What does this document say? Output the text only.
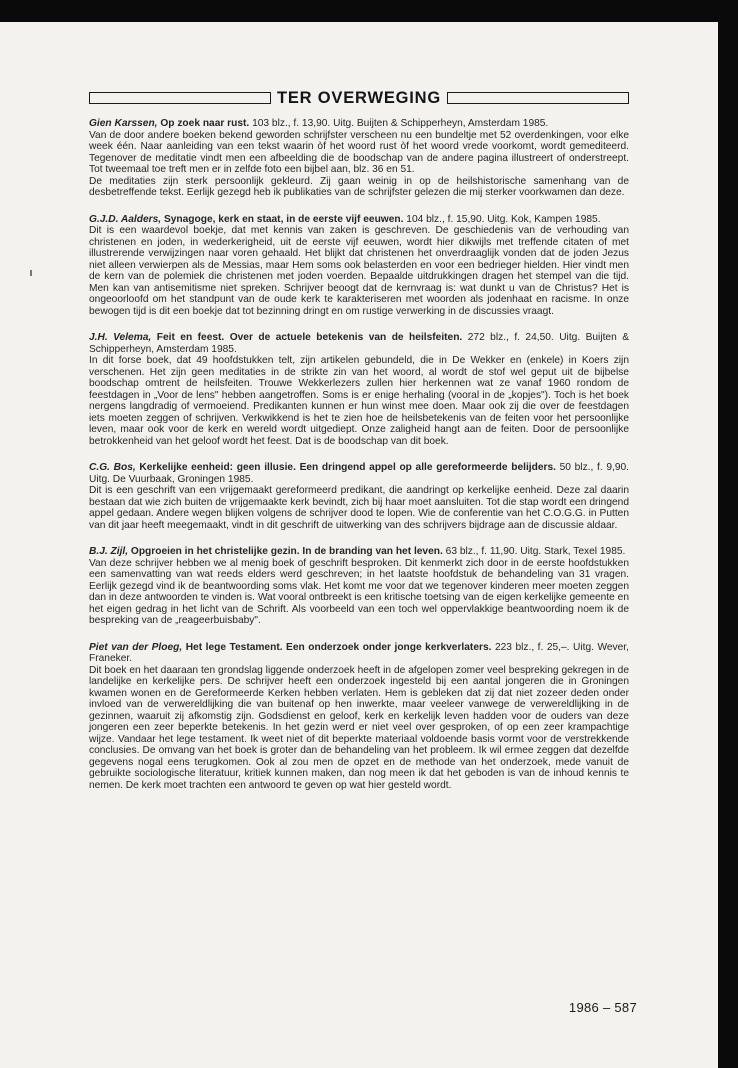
TER OVERWEGING

Gien Karssen, Op zoek naar rust. 103 blz., f. 13,90. Uitg. Buijten & Schipperheyn, Amsterdam 1985.

Van de door andere boeken bekend geworden schrijfster verscheen nu een bundeltje met 52 overdenkingen, voor elke week één. Naar aanleiding van een tekst waarin òf het woord rust òf het woord vrede voorkomt, wordt gemediteerd. Tegenover de meditatie vindt men een afbeelding die de boodschap van de andere pagina illustreert of onderstreept. Tot tweemaal toe treft men er in zelfde foto een bijbel aan, blz. 36 en 51.

De meditaties zijn sterk persoonlijk gekleurd. Zij gaan weinig in op de heilshistorische samenhang van de desbetreffende tekst. Eerlijk gezegd heb ik publikaties van de schrijfster gelezen die mij sterker voorkwamen dan deze.

G.J.D. Aalders, Synagoge, kerk en staat, in de eerste vijf eeuwen. 104 blz., f. 15,90. Uitg. Kok, Kampen 1985.

Dit is een waardevol boekje, dat met kennis van zaken is geschreven. De geschiedenis van de verhouding van christenen en joden, in wederkerigheid, uit de eerste vijf eeuwen, wordt hier dikwijls met treffende citaten of met illustrerende verwijzingen naar voren gehaald. Het blijkt dat christenen het onverdraaglijk vonden dat de joden Jezus niet alleen verwierpen als de Messias, maar Hem soms ook belasterden en voor een bedrieger hielden. Hier vindt men de kern van de polemiek die christenen met joden voerden. Bepaalde uitdrukkingen dragen het stempel van die tijd. Men kan van antisemitisme niet spreken. Schrijver beoogt dat de kernvraag is: wat dunkt u van de Christus? Het is ongeoorloofd om het standpunt van de oude kerk te karakteriseren met woorden als jodenhaat en racisme. In onze bewogen tijd is dit een boekje dat tot bezinning dringt en om rustige verwerking in de discussies vraagt.

J.H. Velema, Feit en feest. Over de actuele betekenis van de heilsfeiten. 272 blz., f. 24,50. Uitg. Buijten & Schipperheyn, Amsterdam 1985.

In dit forse boek, dat 49 hoofdstukken telt, zijn artikelen gebundeld, die in De Wekker en (enkele) in Koers zijn verschenen. Het zijn geen meditaties in de strikte zin van het woord, al wordt de stof wel geput uit de bijbelse boodschap omtrent de heilsfeiten. Trouwe Wekkerlezers zullen hier herkennen wat ze vanaf 1960 rondom de feestdagen in „Voor de lens" hebben aangetroffen. Soms is er enige herhaling (vooral in de „kopjes"). Toch is het boek nergens langdradig of vermoeiend. Predikanten kunnen er hun winst mee doen. Maar ook zij die over de feestdagen iets moeten zeggen of schrijven. Verkwikkend is het te zien hoe de heilsbetekenis van de feiten voor het persoonlijke leven, maar ook voor de kerk en wereld wordt uitgediept. Onze zaligheid hangt aan de feiten. Door de persoonlijke betrokkenheid van het geloof wordt het feest. Dat is de boodschap van dit boek.

C.G. Bos, Kerkelijke eenheid: geen illusie. Een dringend appel op alle gereformeerde belijders. 50 blz., f. 9,90. Uitg. De Vuurbaak, Groningen 1985.

Dit is een geschrift van een vrijgemaakt gereformeerd predikant, die aandringt op kerkelijke eenheid. Deze zal daarin bestaan dat wie zich buiten de vrijgemaakte kerk bevindt, zich bij haar moet aansluiten. Tot die stap wordt een dringend appel gedaan. Andere wegen blijken volgens de schrijver dood te lopen. Wie de conferentie van het C.O.G.G. in Putten van dit jaar heeft meegemaakt, vindt in dit geschrift de uitwerking van des schrijvers bijdrage aan de discussie aldaar.

B.J. Zijl, Opgroeien in het christelijke gezin. In de branding van het leven. 63 blz., f. 11,90. Uitg. Stark, Texel 1985.

Van deze schrijver hebben we al menig boek of geschrift besproken. Dit kenmerkt zich door in de eerste hoofdstukken een samenvatting van wat reeds elders werd geschreven; in het laatste hoofdstuk de behandeling van 31 vragen. Eerlijk gezegd vind ik de beantwoording soms vlak. Het komt me voor dat we tegenover kinderen meer moeten zeggen dan in deze antwoorden te vinden is. Wat vooral ontbreekt is een kritische toetsing van de eigen kerkelijke gemeente en het eigen gedrag in het licht van de Schrift. Als voorbeeld van een toch wel oppervlakkige beantwoording noem ik de bespreking van de „reageerbuisbaby".

Piet van der Ploeg, Het lege Testament. Een onderzoek onder jonge kerkverlaters. 223 blz., f. 25,–. Uitg. Wever, Franeker.

Dit boek en het daaraan ten grondslag liggende onderzoek heeft in de afgelopen zomer veel bespreking gekregen in de landelijke en kerkelijke pers. De schrijver heeft een onderzoek ingesteld bij een aantal jongeren die in Groningen kwamen wonen en de Gereformeerde Kerken hebben verlaten. Hem is gebleken dat zij dat niet zozeer deden onder invloed van de verwereldlijking die van buitenaf op hen inwerkte, maar veeleer vanwege de verwereldlijking in de gezinnen, waaruit zij afkomstig zijn. Godsdienst en geloof, kerk en kerkelijk leven hadden voor de ouders van deze jongeren een zeer beperkte betekenis. In het gezin werd er niet veel over gesproken, of op een zeer krampachtige wijze. Vandaar het lege testament. Ik weet niet of dit beperkte materiaal voldoende basis vormt voor de verstrekkende conclusies. De omvang van het boek is groter dan de behandeling van het probleem. Ik wil ermee zeggen dat dezelfde gegevens nogal eens terugkomen. Ook al zou men de opzet en de methode van het onderzoek, mede vanuit de gebruikte sociologische literatuur, kritiek kunnen maken, dan nog meen ik dat het geboden is van de inhoud kennis te nemen. De kerk moet trachten een antwoord te geven op wat hier gesteld wordt.

1986 – 587
